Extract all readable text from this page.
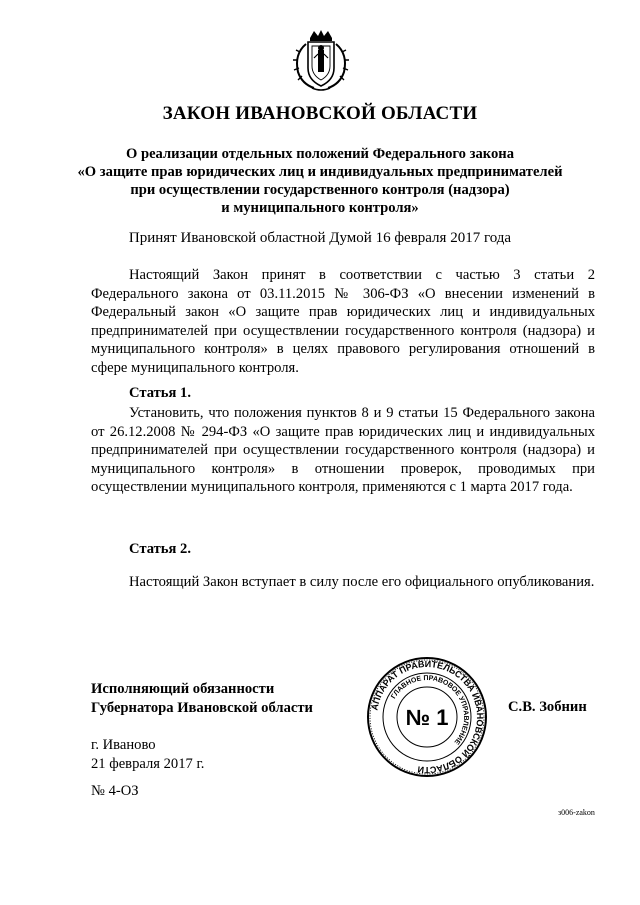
ЗАКОН ИВАНОВСКОЙ ОБЛАСТИ
О реализации отдельных положений Федерального закона
«О защите прав юридических лиц и индивидуальных предпринимателей
при осуществлении государственного контроля (надзора)
и муниципального контроля»
Принят Ивановской областной Думой 16 февраля 2017 года

Настоящий Закон принят в соответствии с частью 3 статьи 2 Федерального закона от 03.11.2015 № 306-ФЗ «О внесении изменений в Федеральный закон «О защите прав юридических лиц и индивидуальных предпринимателей при осуществлении государственного контроля (надзора) и муниципального контроля» в целях правового регулирования отношений в сфере муниципального контроля.

Статья 1.

Установить, что положения пунктов 8 и 9 статьи 15 Федерального закона от 26.12.2008 № 294-ФЗ «О защите прав юридических лиц и индивидуальных предпринимателей при осуществлении государственного контроля (надзора) и муниципального контроля» в отношении проверок, проводимых при осуществлении муниципального контроля, применяются с 1 марта 2017 года.

Статья 2.

Настоящий Закон вступает в силу после его официального опубликования.

Исполняющий обязанности
Губернатора Ивановской области	АППАРАТ ПРАВИТЕЛЬСТВА ИВАНОВСКОЙ ОБЛАСТИ
ГЛАВНОЕ ПРАВОВОЕ УПРАВЛЕНИЕ
№ 1	С.В. Зобнин
г. Иваново
21 февраля 2017 г.
№ 4-ОЗ
з006-zakon
